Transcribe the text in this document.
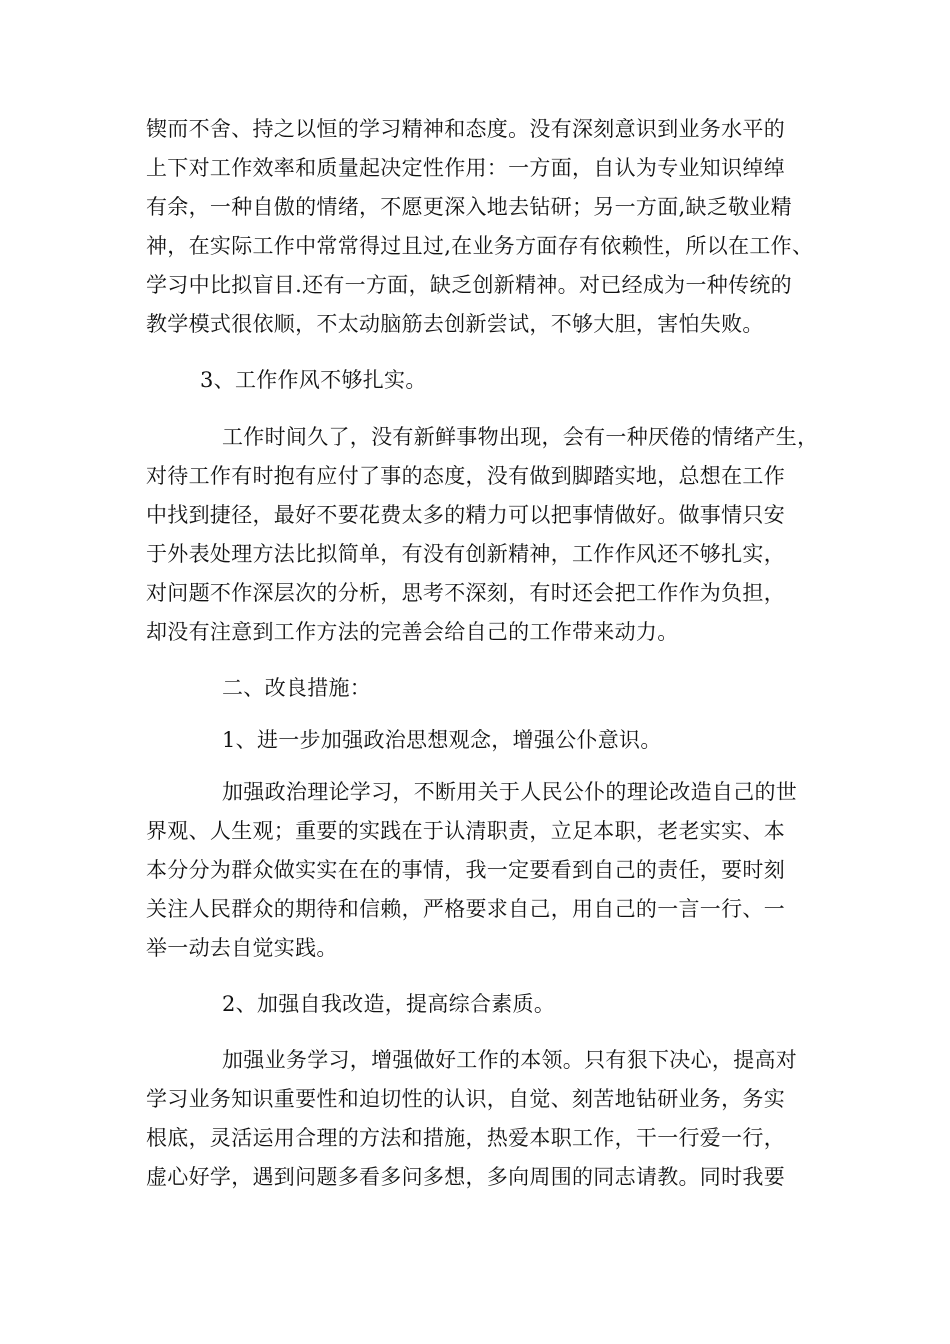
锲而不舍、持之以恒的学习精神和态度。没有深刻意识到业务水平的
上下对工作效率和质量起决定性作用：一方面，自认为专业知识绰绰
有余，一种自傲的情绪，不愿更深入地去钻研；另一方面,缺乏敬业精
神，在实际工作中常常得过且过,在业务方面存有依赖性，所以在工作、
学习中比拟盲目.还有一方面，缺乏创新精神。对已经成为一种传统的
教学模式很依顺，不太动脑筋去创新尝试，不够大胆，害怕失败。
3、工作作风不够扎实。
工作时间久了，没有新鲜事物出现，会有一种厌倦的情绪产生，
对待工作有时抱有应付了事的态度，没有做到脚踏实地，总想在工作
中找到捷径，最好不要花费太多的精力可以把事情做好。做事情只安
于外表处理方法比拟简单，有没有创新精神，工作作风还不够扎实，
对问题不作深层次的分析，思考不深刻，有时还会把工作作为负担，
却没有注意到工作方法的完善会给自己的工作带来动力。
二、改良措施：
1、进一步加强政治思想观念，增强公仆意识。
加强政治理论学习，不断用关于人民公仆的理论改造自己的世
界观、人生观；重要的实践在于认清职责，立足本职，老老实实、本
本分分为群众做实实在在的事情，我一定要看到自己的责任，要时刻
关注人民群众的期待和信赖，严格要求自己，用自己的一言一行、一
举一动去自觉实践。
2、加强自我改造，提高综合素质。
加强业务学习，增强做好工作的本领。只有狠下决心，提高对
学习业务知识重要性和迫切性的认识，自觉、刻苦地钻研业务，务实
根底，灵活运用合理的方法和措施，热爱本职工作，干一行爱一行，
虚心好学，遇到问题多看多问多想，多向周围的同志请教。同时我要
